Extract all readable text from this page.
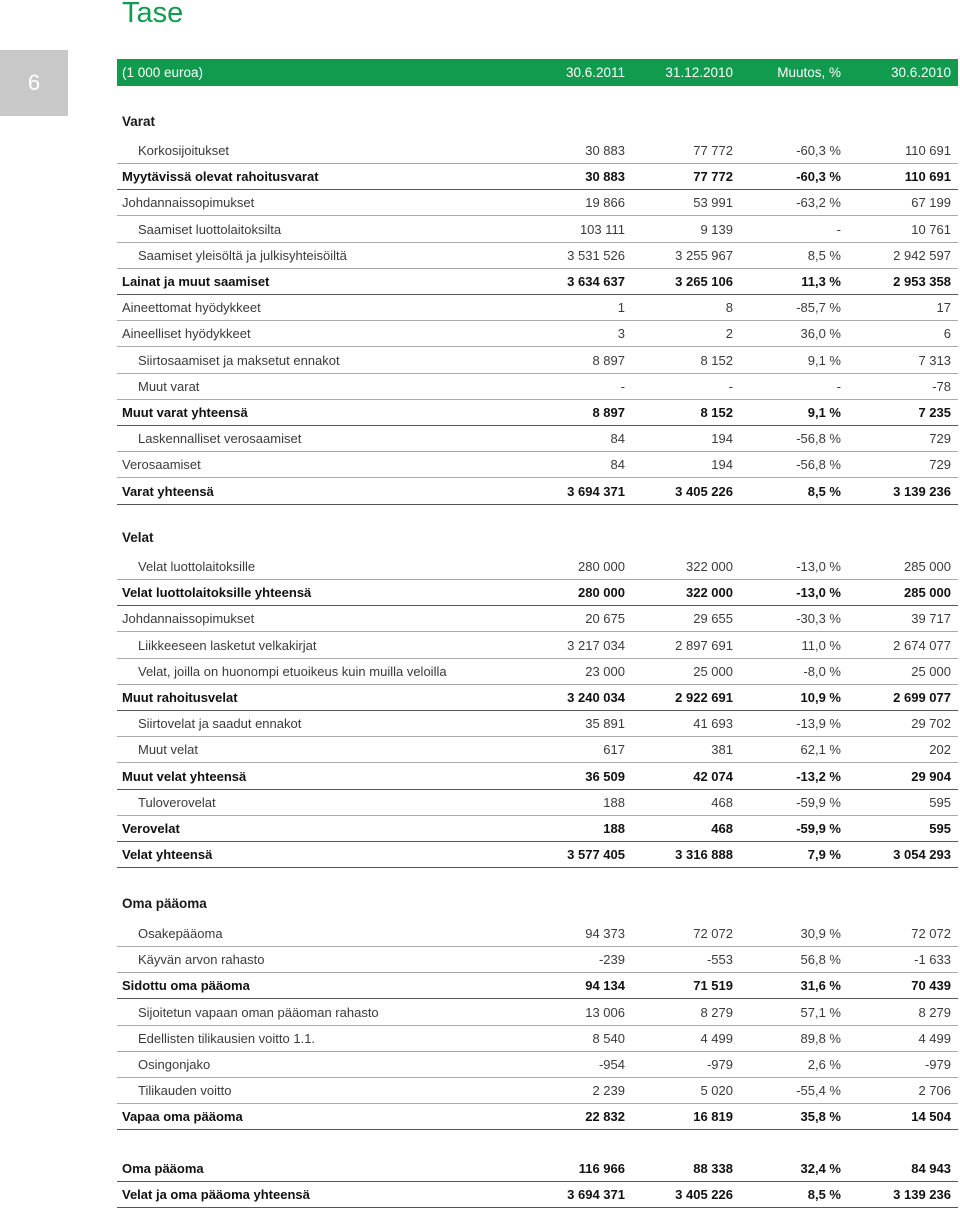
Tase
6	(1 000 euroa)	30.6.2011	31.12.2010	Muutos, %	30.6.2010
Varat
Korkosijoitukset	30 883	77 772	-60,3 %	110 691
Myytävissä olevat rahoitusvarat	30 883	77 772	-60,3 %	110 691
Johdannaissopimukset	19 866	53 991	-63,2 %	67 199
Saamiset luottolaitoksilta	103 111	9 139	-	10 761
Saamiset yleisöltä ja julkisyhteisöiltä	3 531 526	3 255 967	8,5 %	2 942 597
Lainat ja muut saamiset	3 634 637	3 265 106	11,3 %	2 953 358
Aineettomat hyödykkeet	1	8	-85,7 %	17
Aineelliset hyödykkeet	3	2	36,0 %	6
Siirtosaamiset ja maksetut ennakot	8 897	8 152	9,1 %	7 313
Muut varat	-	-	-	-78
Muut varat yhteensä	8 897	8 152	9,1 %	7 235
Laskennalliset verosaamiset	84	194	-56,8 %	729
Verosaamiset	84	194	-56,8 %	729
Varat yhteensä	3 694 371	3 405 226	8,5 %	3 139 236
Velat
Velat luottolaitoksille	280 000	322 000	-13,0 %	285 000
Velat luottolaitoksille yhteensä	280 000	322 000	-13,0 %	285 000
Johdannaissopimukset	20 675	29 655	-30,3 %	39 717
Liikkeeseen lasketut velkakirjat	3 217 034	2 897 691	11,0 %	2 674 077
Velat, joilla on huonompi etuoikeus kuin muilla veloilla	23 000	25 000	-8,0 %	25 000
Muut rahoitusvelat	3 240 034	2 922 691	10,9 %	2 699 077
Siirtovelat ja saadut ennakot	35 891	41 693	-13,9 %	29 702
Muut velat	617	381	62,1 %	202
Muut velat yhteensä	36 509	42 074	-13,2 %	29 904
Tuloverovelat	188	468	-59,9 %	595
Verovelat	188	468	-59,9 %	595
Velat yhteensä	3 577 405	3 316 888	7,9 %	3 054 293
Oma pääoma
Osakepääoma	94 373	72 072	30,9 %	72 072
Käyvän arvon rahasto	-239	-553	56,8 %	-1 633
Sidottu oma pääoma	94 134	71 519	31,6 %	70 439
Sijoitetun vapaan oman pääoman rahasto	13 006	8 279	57,1 %	8 279
Edellisten tilikausien voitto 1.1.	8 540	4 499	89,8 %	4 499
Osingonjako	-954	-979	2,6 %	-979
Tilikauden voitto	2 239	5 020	-55,4 %	2 706
Vapaa oma pääoma	22 832	16 819	35,8 %	14 504
Oma pääoma	116 966	88 338	32,4 %	84 943
Velat ja oma pääoma yhteensä	3 694 371	3 405 226	8,5 %	3 139 236
